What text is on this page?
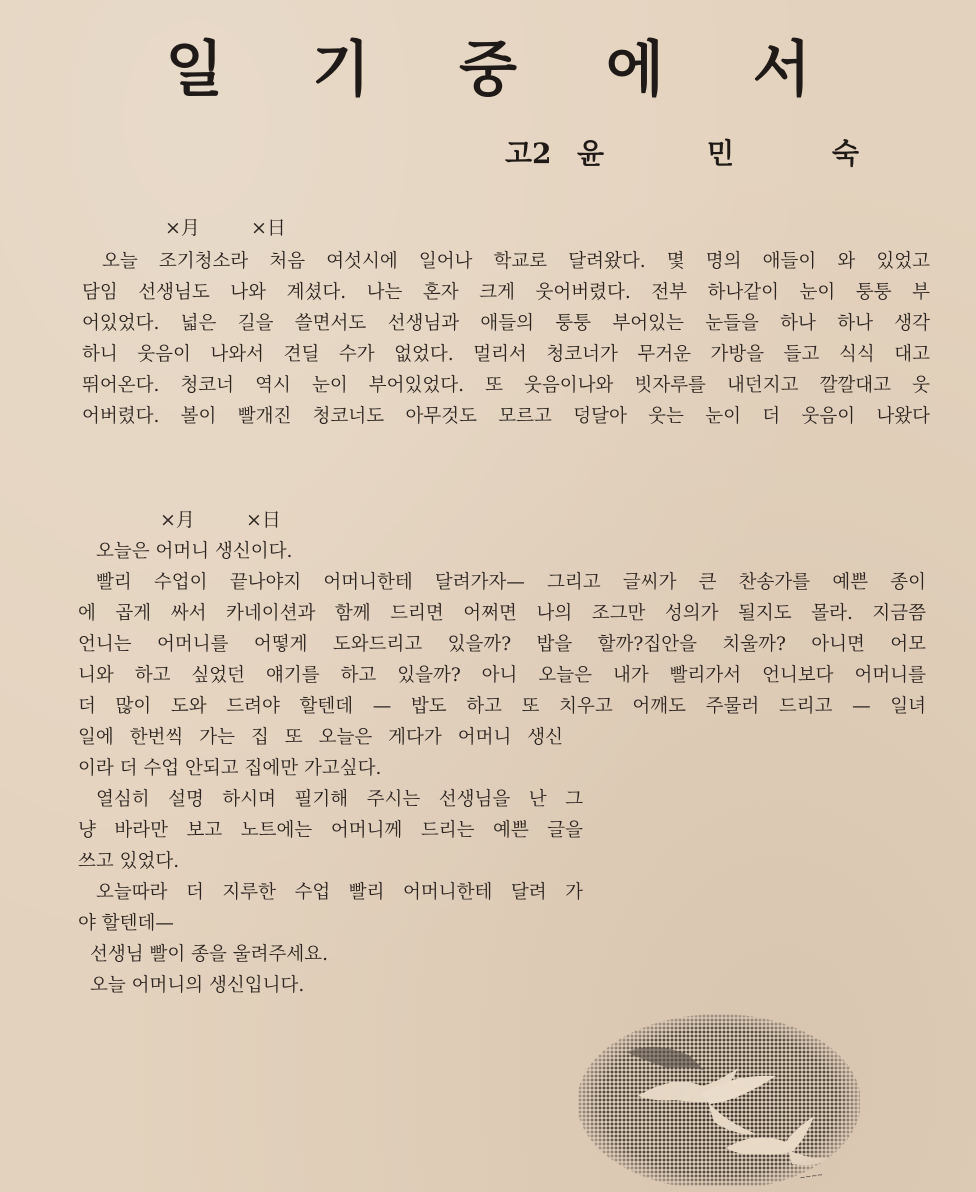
일 기 중 에 서
고2 윤	민	숙
×月	×日
오늘 조기청소라 처음 여섯시에 일어나 학교로 달려왔다. 몇 명의 애들이 와 있었고
담임 선생님도 나와 계셨다. 나는 혼자 크게 웃어버렸다. 전부 하나같이 눈이 퉁퉁 부
어있었다. 넓은 길을 쓸면서도 선생님과 애들의 퉁퉁 부어있는 눈들을 하나 하나 생각
하니 웃음이 나와서 견딜 수가 없었다. 멀리서 청코너가 무거운 가방을 들고 식식 대고
뛰어온다. 청코너 역시 눈이 부어있었다. 또 웃음이나와 빗자루를 내던지고 깔깔대고 웃
어버렸다. 볼이 빨개진 청코너도 아무것도 모르고 덩달아 웃는 눈이 더 웃음이 나왔다
×月	×日
오늘은 어머니 생신이다.
빨리 수업이 끝나야지 어머니한테 달려가자— 그리고 글씨가 큰 찬송가를 예쁜 종이
에 곱게 싸서 카네이션과 함께 드리면 어쩌면 나의 조그만 성의가 될지도 몰라. 지금쯤
언니는 어머니를 어떻게 도와드리고 있을까? 밥을 할까?집안을 치울까? 아니면 어모
니와 하고 싶었던 얘기를 하고 있을까? 아니 오늘은 내가 빨리가서 언니보다 어머니를
더 많이 도와 드려야 할텐데 — 밥도 하고 또 치우고 어깨도 주물러 드리고 — 일녀
일에 한번씩 가는 집 또 오늘은 게다가 어머니 생신
이라 더 수업 안되고 집에만 가고싶다.
열심히 설명 하시며 필기해 주시는 선생님을 난 그
냥 바라만 보고 노트에는 어머니께 드리는 예쁜 글을
쓰고 있었다.
오늘따라 더 지루한 수업 빨리 어머니한테 달려 가
야 할텐데—
선생님 빨이 종을 울려주세요.
오늘 어머니의 생신입니다.
~~~~
